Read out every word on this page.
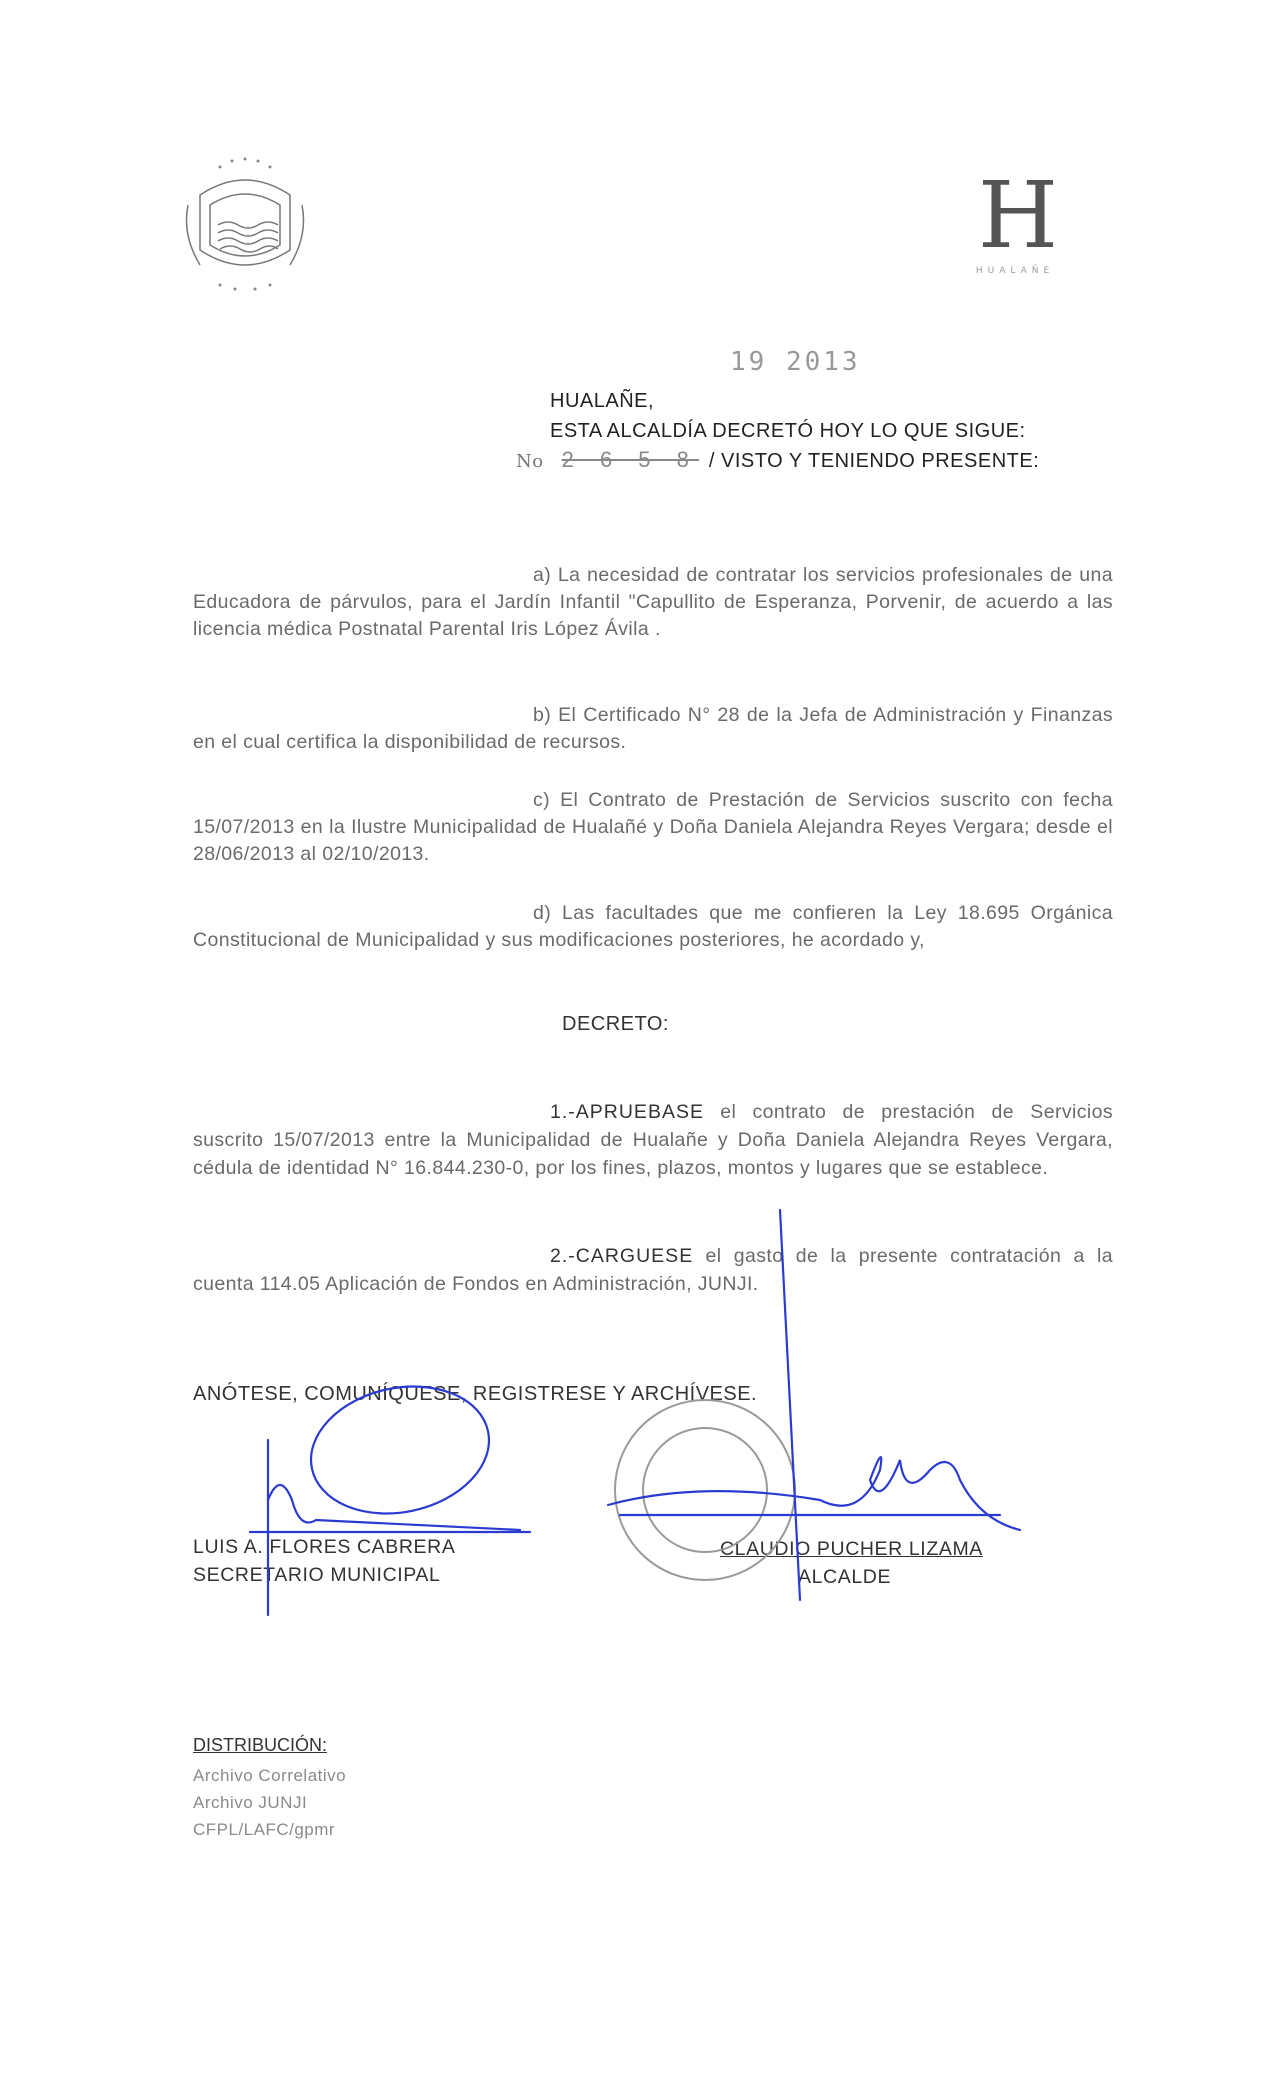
H
HUALAÑE
19 2013
HUALAÑE,
ESTA ALCALDÍA DECRETÓ HOY LO QUE SIGUE:
No 2 6 5 8 / VISTO Y TENIENDO PRESENTE:
a) La necesidad de contratar los servicios profesionales de una Educadora de párvulos, para el Jardín Infantil "Capullito de Esperanza, Porvenir, de acuerdo a las licencia médica Postnatal Parental Iris López Ávila .
b) El Certificado N° 28 de la Jefa de Administración y Finanzas en el cual certifica la disponibilidad de recursos.
c) El Contrato de Prestación de Servicios suscrito con fecha 15/07/2013 en la Ilustre Municipalidad de Hualañé y Doña Daniela Alejandra Reyes Vergara; desde el 28/06/2013 al 02/10/2013.
d) Las facultades que me confieren la Ley 18.695 Orgánica Constitucional de Municipalidad y sus modificaciones posteriores, he acordado y,
DECRETO:
1.-APRUEBASE el contrato de prestación de Servicios suscrito 15/07/2013 entre la Municipalidad de Hualañe y Doña Daniela Alejandra Reyes Vergara, cédula de identidad N° 16.844.230-0, por los fines, plazos, montos y lugares que se establece.
2.-CARGUESE el gasto de la presente contratación a la cuenta 114.05 Aplicación de Fondos en Administración, JUNJI.
ANÓTESE, COMUNÍQUESE, REGISTRESE Y ARCHÍVESE.
LUIS A. FLORES CABRERA
SECRETARIO MUNICIPAL
CLAUDIO PUCHER LIZAMA
ALCALDE
DISTRIBUCIÓN:
Archivo Correlativo
Archivo JUNJI
CFPL/LAFC/gpmr
